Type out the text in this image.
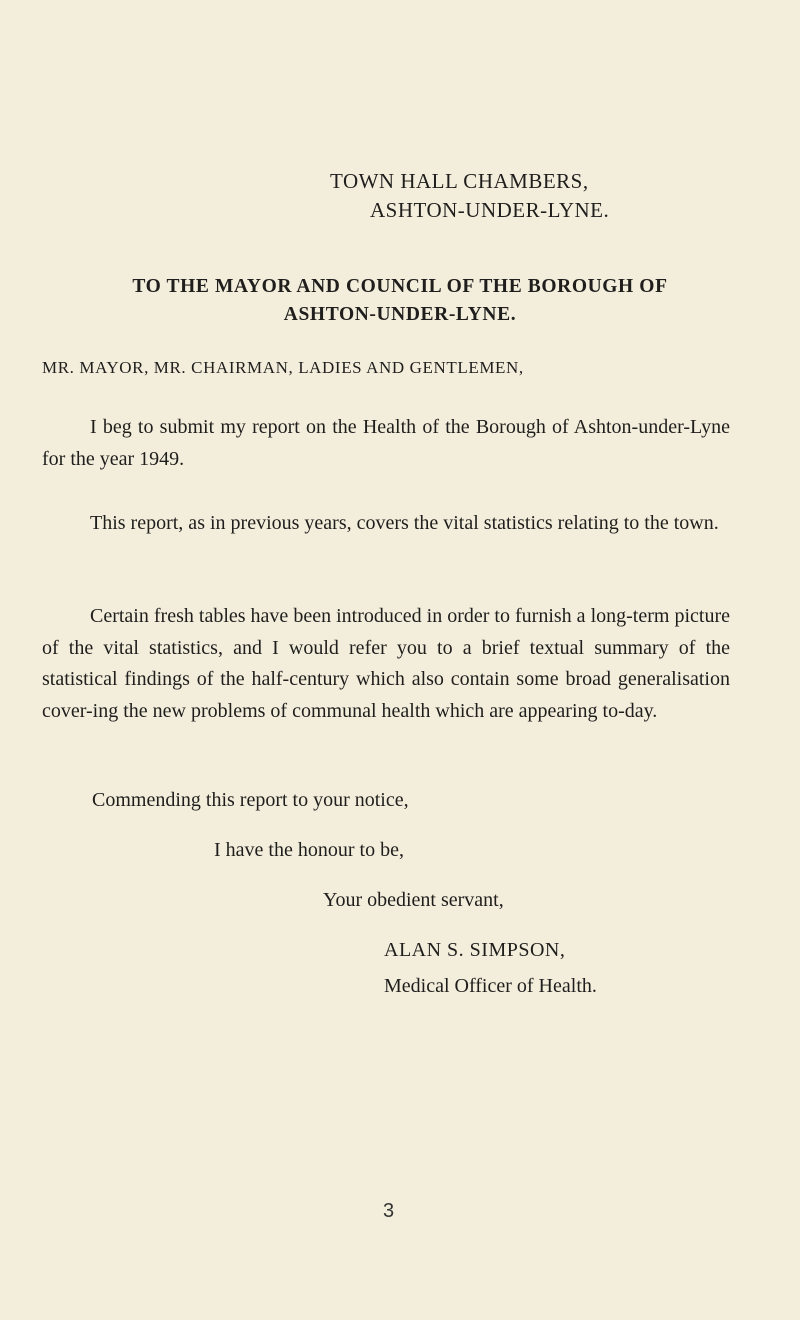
TOWN HALL CHAMBERS,
ASHTON-UNDER-LYNE.
TO THE MAYOR AND COUNCIL OF THE BOROUGH OF
ASHTON-UNDER-LYNE.
MR. MAYOR, MR. CHAIRMAN, LADIES AND GENTLEMEN,

I beg to submit my report on the Health of the Borough of Ashton-under-Lyne for the year 1949.

This report, as in previous years, covers the vital statistics relating to the town.

Certain fresh tables have been introduced in order to furnish a long-term picture of the vital statistics, and I would refer you to a brief textual summary of the statistical findings of the half-century which also contain some broad generalisation cover-ing the new problems of communal health which are appearing to-day.

Commending this report to your notice,
I have the honour to be,
Your obedient servant,
ALAN S. SIMPSON,
Medical Officer of Health.
3
